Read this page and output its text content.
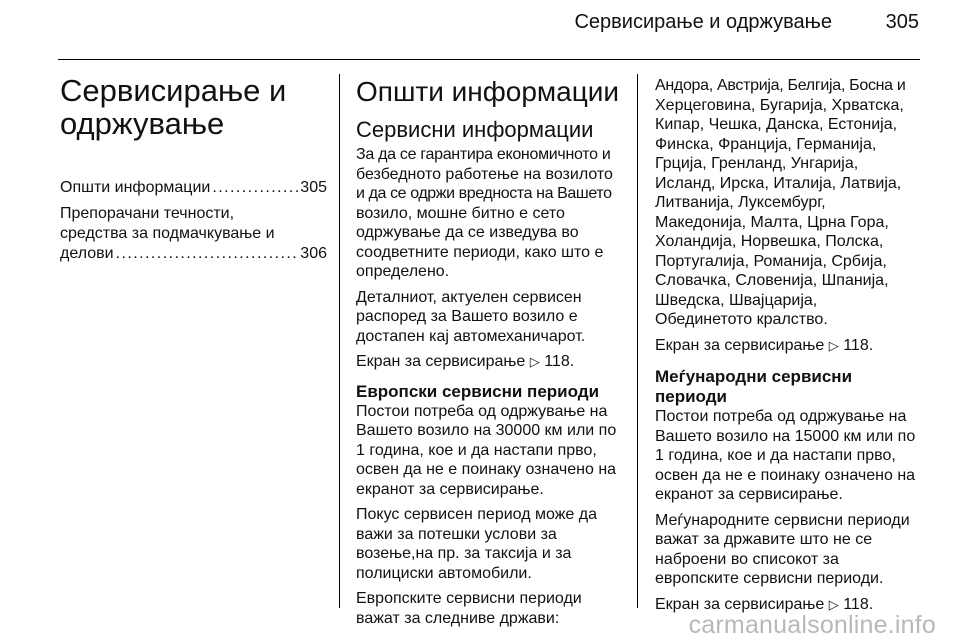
Сервисирање и одржување	305
Сервисирање и
одржување
Општи информации . . .	305
Препорачани течности,
средства за подмачкување и
делови . . .	306
Општи информации
Сервисни информации
За да се гарантира економичното и
безбедното работење на возилото
и да се одржи вредноста на Вашето
возило, мошне битно е сето
одржување да се изведува во
соодветните периоди, како што е
определено.
Деталниот, актуелен сервисен
распоред за Вашето возило е
достапен кај автомеханичарот.
Екран за сервисирање ▷ 118.
Европски сервисни периоди
Постои потреба од одржување на
Вашето возило на 30000 км или по
1 година, кое и да настапи прво,
освен да не е поинаку означено на
екранот за сервисирање.
Покус сервисен период може да
важи за потешки услови за
возење,на пр. за таксија и за
полициски автомобили.
Европските сервисни периоди
важат за следниве држави:
Андора, Австрија, Белгија, Босна и
Херцеговина, Бугарија, Хрватска,
Кипар, Чешка, Данска, Естонија,
Финска, Франција, Германија,
Грција, Гренланд, Унгарија,
Исланд, Ирска, Италија, Латвија,
Литванија, Луксембург,
Македонија, Малта, Црна Гора,
Холандија, Норвешка, Полска,
Португалија, Романија, Србија,
Словачка, Словенија, Шпанија,
Шведска, Швајцарија,
Обединетото кралство.
Екран за сервисирање ▷ 118.
Меѓународни сервисни
периоди
Постои потреба од одржување на
Вашето возило на 15000 км или по
1 година, кое и да настапи прво,
освен да не е поинаку означено на
екранот за сервисирање.
Меѓународните сервисни периоди
важат за државите што не се
наброени во списокот за
европските сервисни периоди.
Екран за сервисирање ▷ 118.
carmanualsonline.info
